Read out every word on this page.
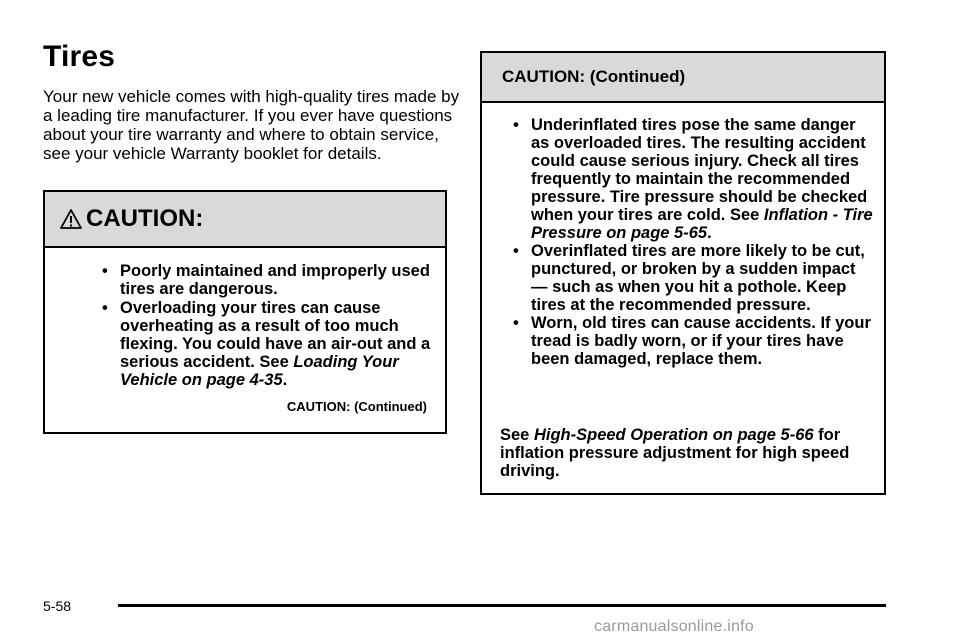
Tires

Your new vehicle comes with high-quality tires made by a leading tire manufacturer. If you ever have questions about your tire warranty and where to obtain service, see your vehicle Warranty booklet for details.

CAUTION:
• Poorly maintained and improperly used tires are dangerous.
• Overloading your tires can cause overheating as a result of too much flexing. You could have an air-out and a serious accident. See Loading Your Vehicle on page 4-35.
CAUTION: (Continued)
CAUTION: (Continued)
• Underinflated tires pose the same danger as overloaded tires. The resulting accident could cause serious injury. Check all tires frequently to maintain the recommended pressure. Tire pressure should be checked when your tires are cold. See Inflation - Tire Pressure on page 5-65.
• Overinflated tires are more likely to be cut, punctured, or broken by a sudden impact — such as when you hit a pothole. Keep tires at the recommended pressure.
• Worn, old tires can cause accidents. If your tread is badly worn, or if your tires have been damaged, replace them.

See High-Speed Operation on page 5-66 for inflation pressure adjustment for high speed driving.

5-58
carmanualsonline.info
